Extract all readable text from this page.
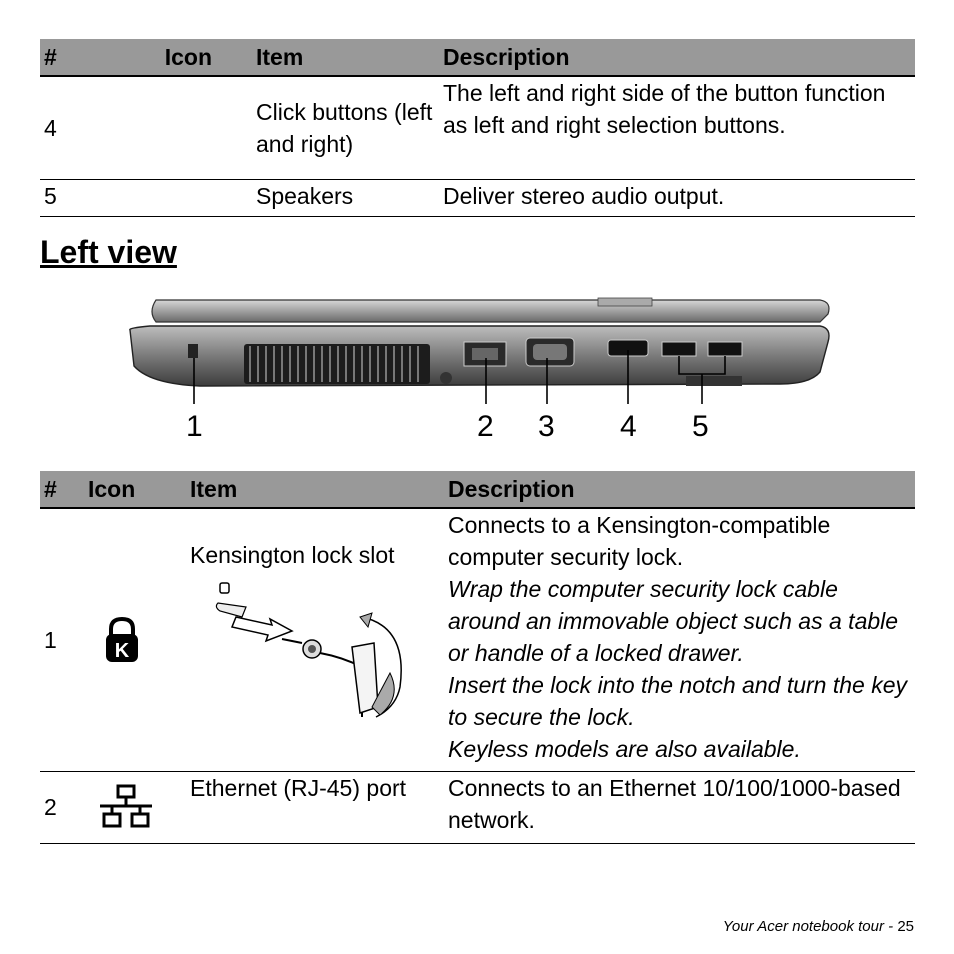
#	Icon	Item	Description
4		Click buttons (left and right)	The left and right side of the button function as left and right selection buttons.
5		Speakers	Deliver stereo audio output.
Left view
1	2 3 4 5
#	Icon	Item	Description
1	K	Kensington lock slot	Connects to a Kensington-compatible computer security lock.
Wrap the computer security lock cable around an immovable object such as a table or handle of a locked drawer.
Insert the lock into the notch and turn the key to secure the lock.
Keyless models are also available.

2		Ethernet (RJ-45) port	Connects to an Ethernet 10/100/1000-based network.
Your Acer notebook tour - 25
